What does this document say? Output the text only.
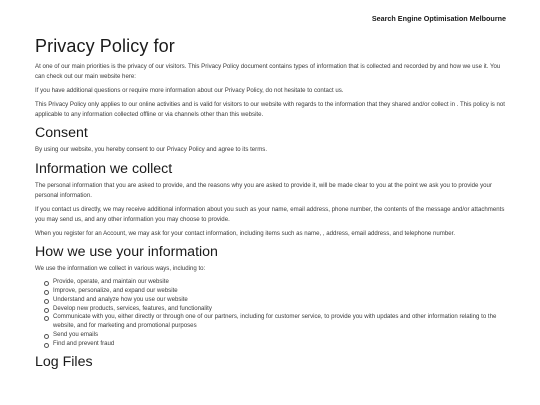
Search Engine Optimisation Melbourne
Privacy Policy for

At one of our main priorities is the privacy of our visitors. This Privacy Policy document contains types of information that is collected and recorded by and how we use it. You can check out our main website here:

If you have additional questions or require more information about our Privacy Policy, do not hesitate to contact us.

This Privacy Policy only applies to our online activities and is valid for visitors to our website with regards to the information that they shared and/or collect in . This policy is not applicable to any information collected offline or via channels other than this website.

Consent

By using our website, you hereby consent to our Privacy Policy and agree to its terms.

Information we collect

The personal information that you are asked to provide, and the reasons why you are asked to provide it, will be made clear to you at the point we ask you to provide your personal information.

If you contact us directly, we may receive additional information about you such as your name, email address, phone number, the contents of the message and/or attachments you may send us, and any other information you may choose to provide.

When you register for an Account, we may ask for your contact information, including items such as name, , address, email address, and telephone number.

How we use your information

We use the information we collect in various ways, including to:

Provide, operate, and maintain our website
Improve, personalize, and expand our website
Understand and analyze how you use our website
Develop new products, services, features, and functionality
Communicate with you, either directly or through one of our partners, including for customer service, to provide you with updates and other information relating to the website, and for marketing and promotional purposes
Send you emails
Find and prevent fraud
Log Files
